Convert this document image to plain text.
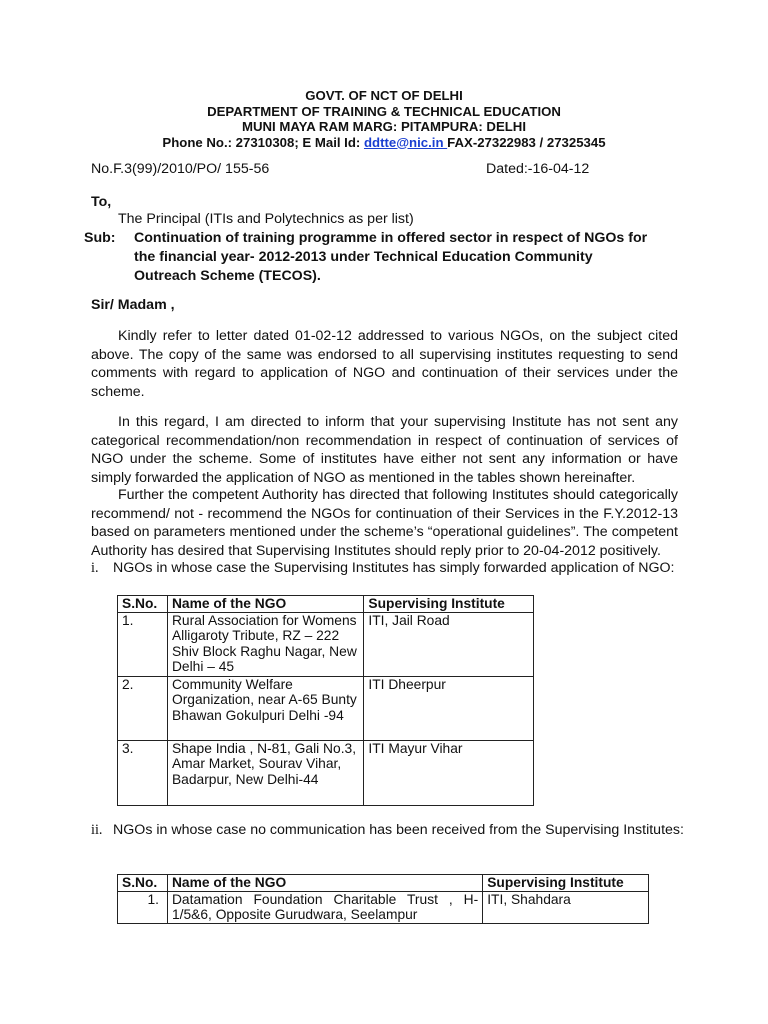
GOVT. OF NCT OF DELHI
DEPARTMENT OF TRAINING & TECHNICAL EDUCATION
MUNI MAYA RAM MARG: PITAMPURA: DELHI
Phone No.: 27310308; E Mail Id: ddtte@nic.in FAX-27322983 / 27325345
No.F.3(99)/2010/PO/ 155-56	Dated:-16-04-12
To,
The Principal (ITIs and Polytechnics as per list)
Sub: Continuation of training programme in offered sector in respect of NGOs for the financial year- 2012-2013 under Technical Education Community Outreach Scheme (TECOS).
Sir/ Madam ,
Kindly refer to letter dated 01-02-12 addressed to various NGOs, on the subject cited above. The copy of the same was endorsed to all supervising institutes requesting to send comments with regard to application of NGO and continuation of their services under the scheme.
In this regard, I am directed to inform that your supervising Institute has not sent any categorical recommendation/non recommendation in respect of continuation of services of NGO under the scheme. Some of institutes have either not sent any information or have simply forwarded the application of NGO as mentioned in the tables shown hereinafter.
Further the competent Authority has directed that following Institutes should categorically recommend/ not - recommend the NGOs for continuation of their Services in the F.Y.2012-13 based on parameters mentioned under the scheme’s “operational guidelines”. The competent Authority has desired that Supervising Institutes should reply prior to 20-04-2012 positively.
i. NGOs in whose case the Supervising Institutes has simply forwarded application of NGO:
S.No.	Name of the NGO	Supervising Institute
1.	Rural Association for Womens Alligaroty Tribute, RZ – 222 Shiv Block Raghu Nagar, New Delhi – 45	ITI, Jail Road
2.	Community Welfare Organization, near A-65 Bunty Bhawan Gokulpuri Delhi -94	ITI Dheerpur
3.	Shape India , N-81, Gali No.3, Amar Market, Sourav Vihar, Badarpur, New Delhi-44	ITI Mayur Vihar
ii. NGOs in whose case no communication has been received from the Supervising Institutes:
S.No.	Name of the NGO	Supervising Institute
1.	Datamation Foundation Charitable Trust , H-1/5&6, Opposite Gurudwara, Seelampur	ITI, Shahdara
